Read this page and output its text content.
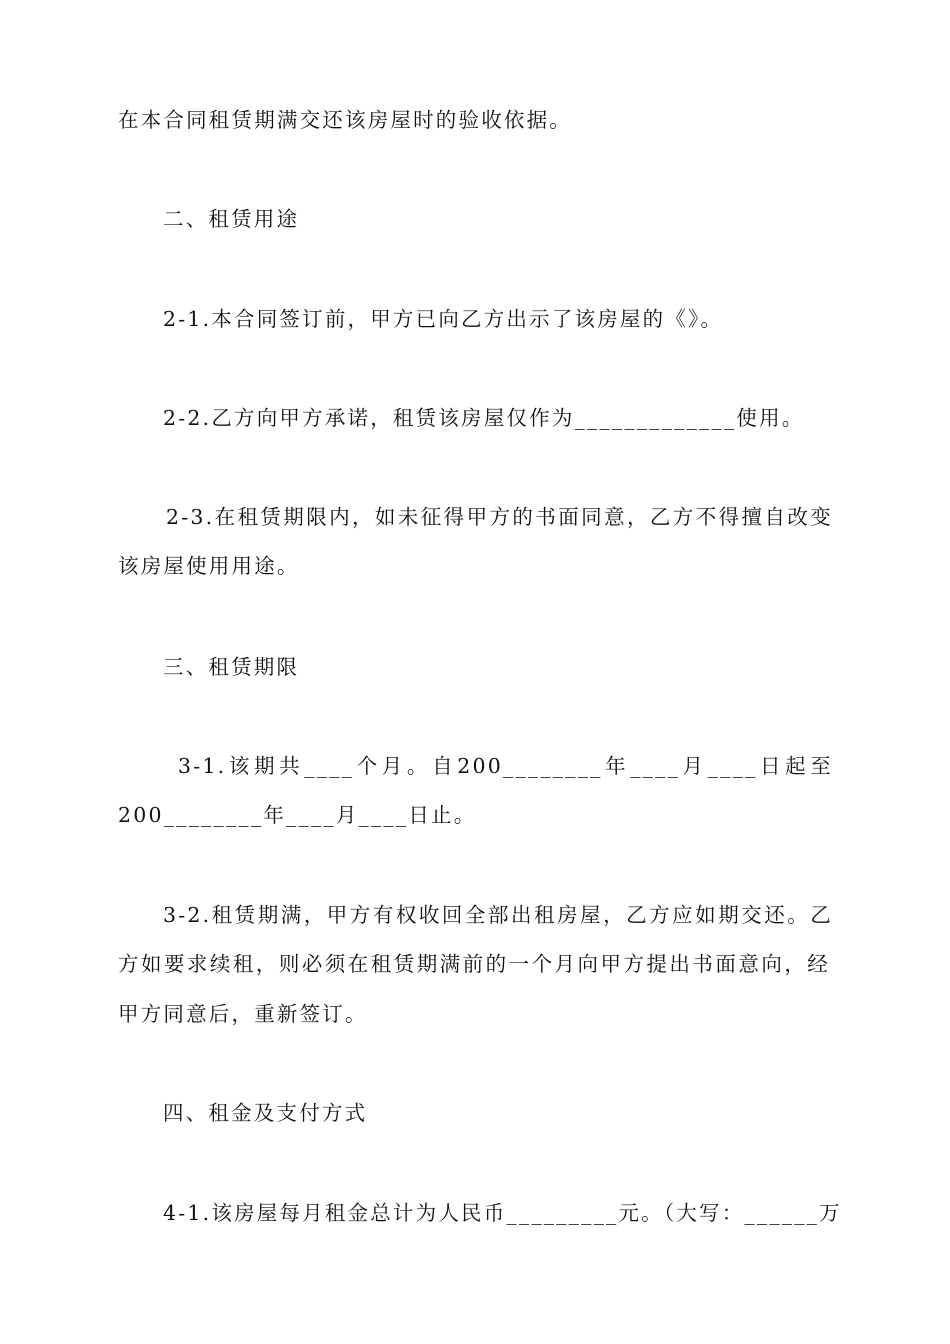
在本合同租赁期满交还该房屋时的验收依据。
二、租赁用途
2-1.本合同签订前，甲方已向乙方出示了该房屋的《》。
2-2.乙方向甲方承诺，租赁该房屋仅作为_____________使用。
2-3.在租赁期限内，如未征得甲方的书面同意，乙方不得擅自改变
该房屋使用用途。
三、租赁期限
3-1.该期共____个月。自200________年____月____日起至
200________年____月____日止。
3-2.租赁期满，甲方有权收回全部出租房屋，乙方应如期交还。乙
方如要求续租，则必须在租赁期满前的一个月向甲方提出书面意向，经
甲方同意后，重新签订。
四、租金及支付方式
4-1.该房屋每月租金总计为人民币_________元。（大写：______万
